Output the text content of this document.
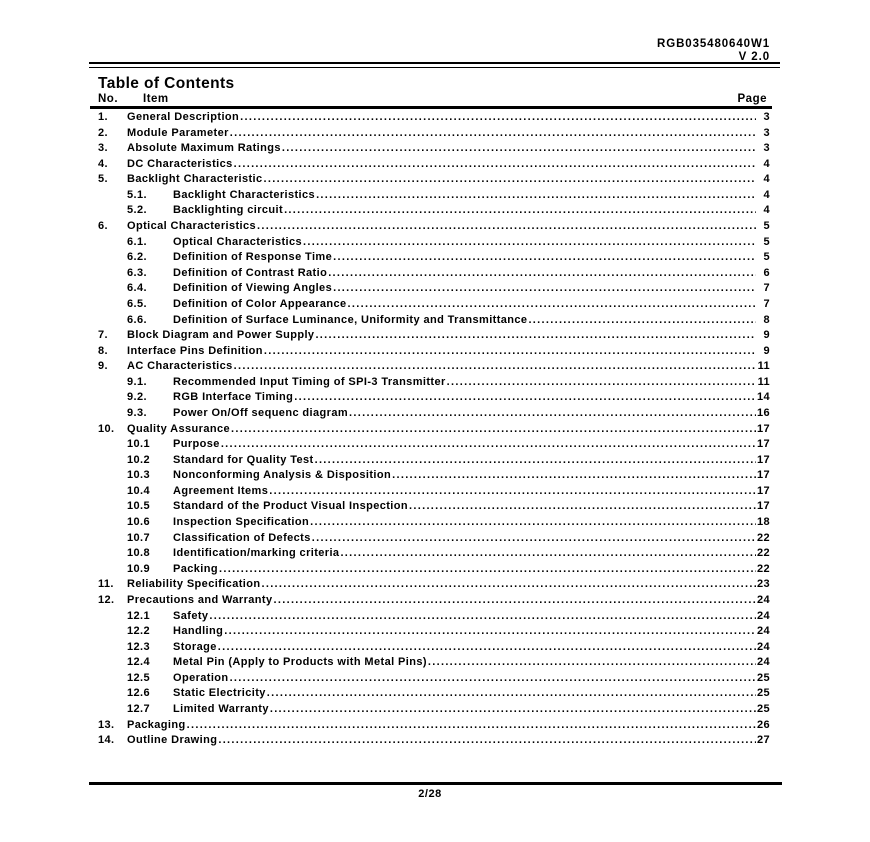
RGB035480640W1
V 2.0
Table of Contents
No. Item	Page
1.	General Description .....	3
2.	Module Parameter .....	3
3.	Absolute Maximum Ratings .....	3
4.	DC Characteristics .....	4
5.	Backlight Characteristic .....	4
5.1.	Backlight Characteristics .....	4
5.2.	Backlighting circuit .....	4
6.	Optical Characteristics .....	5
6.1.	Optical Characteristics .....	5
6.2.	Definition of Response Time .....	5
6.3.	Definition of Contrast Ratio .....	6
6.4.	Definition of Viewing Angles .....	7
6.5.	Definition of Color Appearance .....	7
6.6.	Definition of Surface Luminance, Uniformity and Transmittance .....	8
7.	Block Diagram and Power Supply .....	9
8.	Interface Pins Definition .....	9
9.	AC Characteristics .....	11
9.1.	Recommended Input Timing of SPI-3 Transmitter .....	11
9.2.	RGB Interface Timing .....	14
9.3.	Power On/Off sequenc diagram .....	16
10.	Quality Assurance .....	17
10.1	Purpose .....	17
10.2	Standard for Quality Test .....	17
10.3	Nonconforming Analysis & Disposition .....	17
10.4	Agreement Items .....	17
10.5	Standard of the Product Visual Inspection .....	17
10.6	Inspection Specification .....	18
10.7	Classification of Defects .....	22
10.8	Identification/marking criteria .....	22
10.9	Packing .....	22
11.	Reliability Specification .....	23
12.	Precautions and Warranty .....	24
12.1	Safety .....	24
12.2	Handling .....	24
12.3	Storage .....	24
12.4	Metal Pin (Apply to Products with Metal Pins) .....	24
12.5	Operation .....	25
12.6	Static Electricity .....	25
12.7	Limited Warranty .....	25
13.	Packaging .....	26
14.	Outline Drawing .....	27
2/28
